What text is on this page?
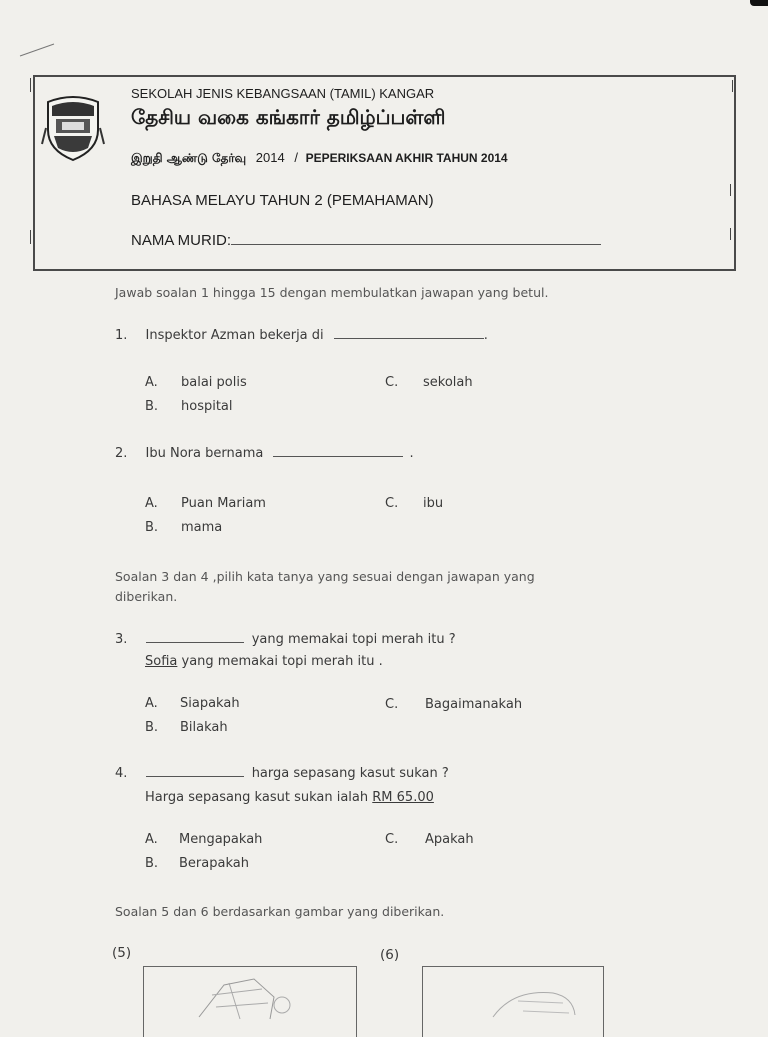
SEKOLAH JENIS KEBANGSAAN (TAMIL) KANGAR
தேசிய வகை கங்கார் தமிழ்ப்பள்ளி
இறுதி ஆண்டு தேர்வு 2014 / PEPERIKSAAN AKHIR TAHUN 2014
BAHASA MELAYU TAHUN 2 (PEMAHAMAN)
NAMA MURID:
Jawab soalan 1 hingga 15 dengan membulatkan jawapan yang betul.
1. Inspektor Azman bekerja di	.
A. balai polis
B. hospital
C. sekolah
2. Ibu Nora bernama	.
A. Puan Mariam
B. mama
C. ibu
Soalan 3 dan 4 ,pilih kata tanya yang sesuai dengan jawapan yang
diberikan.
3.	yang memakai topi merah itu ?
Sofia yang memakai topi merah itu .
A. Siapakah
B. Bilakah
C. Bagaimanakah
4.	harga sepasang kasut sukan ?
Harga sepasang kasut sukan ialah RM 65.00
A. Mengapakah
B. Berapakah
C. Apakah
Soalan 5 dan 6 berdasarkan gambar yang diberikan.
(5)	(6)
